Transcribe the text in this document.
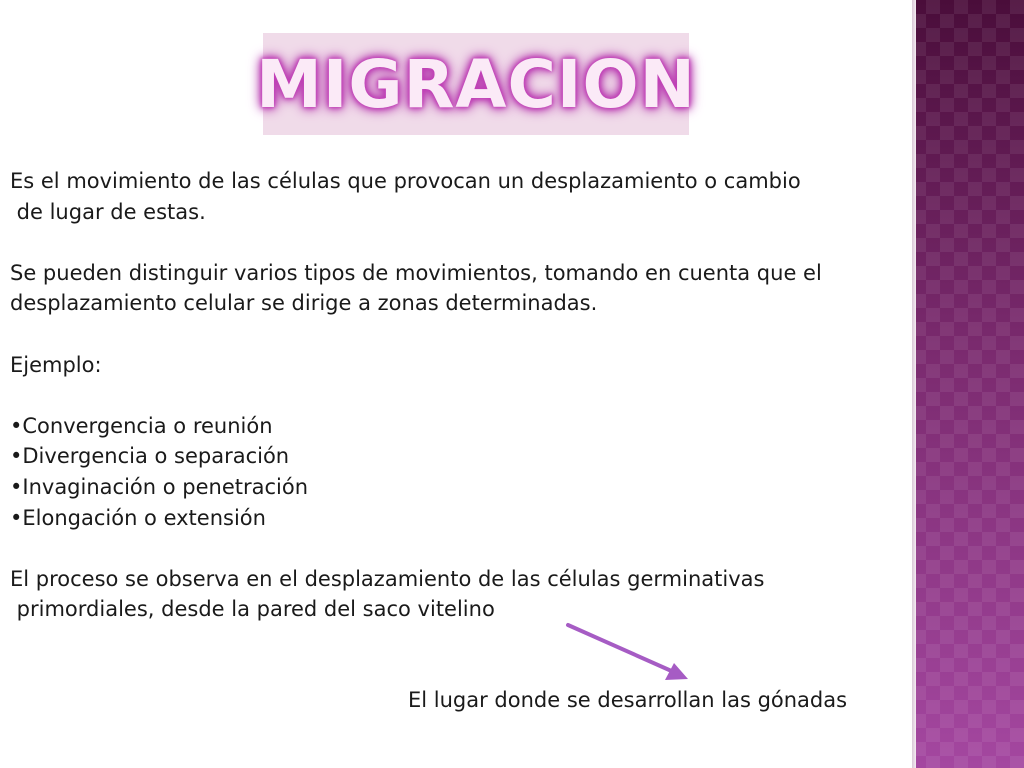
MIGRACION
Es el movimiento de las células que provocan un desplazamiento o cambio
de lugar de estas.
Se pueden distinguir varios tipos de movimientos, tomando en cuenta que el
desplazamiento celular se dirige a zonas determinadas.
Ejemplo:
•Convergencia o reunión
•Divergencia o separación
•Invaginación o penetración
•Elongación o extensión
El proceso se observa en el desplazamiento de las células germinativas
primordiales, desde la pared del saco vitelino
El lugar donde se desarrollan las gónadas
